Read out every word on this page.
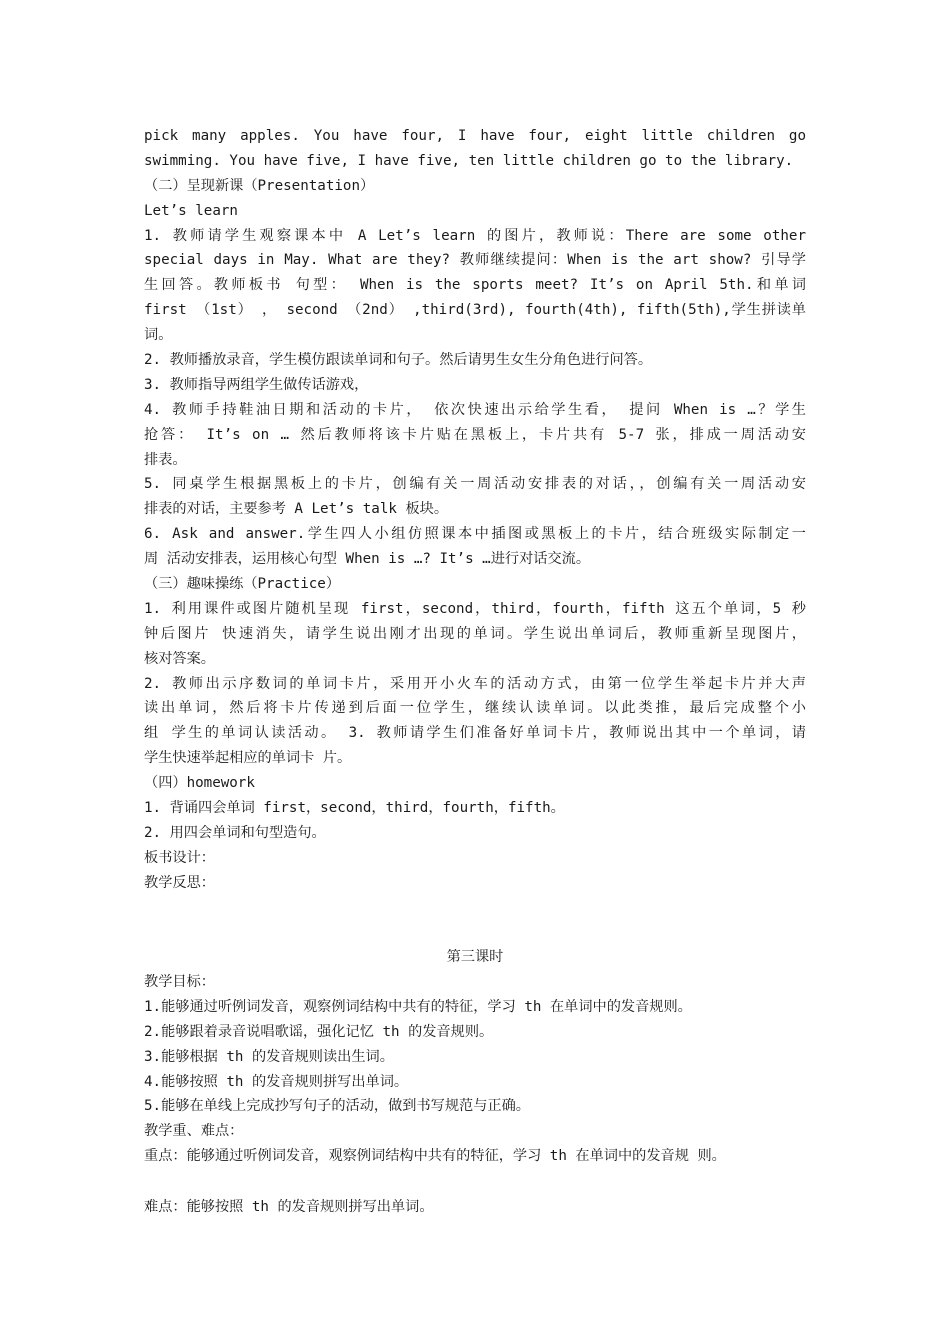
pick many apples. You have four, I have four, eight little children go
swimming. You have five, I have five, ten little children go to the library.
（二）呈现新课（Presentation）
Let’s learn
1. 教师请学生观察课本中 A Let’s learn 的图片，教师说：There are some other
special days in May. What are they? 教师继续提问：When is the art show? 引导学
生回答。教师板书 句型： When is the sports meet? It’s on April 5th.和单词
first （1st） ， second （2nd） ,third(3rd), fourth(4th), fifth(5th),学生拼读单
词。
2. 教师播放录音，学生模仿跟读单词和句子。然后请男生女生分角色进行问答。
3. 教师指导两组学生做传话游戏，
4. 教师手持鞋油日期和活动的卡片， 依次快速出示给学生看， 提问 When is …？学生
抢答： It’s on … 然后教师将该卡片贴在黑板上，卡片共有 5-7 张，排成一周活动安
排表。
5. 同桌学生根据黑板上的卡片，创编有关一周活动安排表的对话，，创编有关一周活动安
排表的对话，主要参考 A Let’s talk 板块。
6. Ask and answer.学生四人小组仿照课本中插图或黑板上的卡片，结合班级实际制定一
周 活动安排表，运用核心句型 When is …? It’s …进行对话交流。
（三）趣味操练（Practice）
1. 利用课件或图片随机呈现 first，second，third，fourth，fifth 这五个单词，5 秒
钟后图片 快速消失，请学生说出刚才出现的单词。学生说出单词后，教师重新呈现图片，
核对答案。
2. 教师出示序数词的单词卡片，采用开小火车的活动方式，由第一位学生举起卡片并大声
读出单词，然后将卡片传递到后面一位学生，继续认读单词。以此类推，最后完成整个小
组 学生的单词认读活动。 3. 教师请学生们准备好单词卡片，教师说出其中一个单词，请
学生快速举起相应的单词卡 片。
（四）homework
1. 背诵四会单词 first，second，third，fourth，fifth。
2. 用四会单词和句型造句。
板书设计：
教学反思：
第三课时
教学目标：
1.能够通过听例词发音，观察例词结构中共有的特征，学习 th 在单词中的发音规则。
2.能够跟着录音说唱歌谣，强化记忆 th 的发音规则。
3.能够根据 th 的发音规则读出生词。
4.能够按照 th 的发音规则拼写出单词。
5.能够在单线上完成抄写句子的活动，做到书写规范与正确。
教学重、难点：
重点：能够通过听例词发音，观察例词结构中共有的特征，学习 th 在单词中的发音规 则。
难点：能够按照 th 的发音规则拼写出单词。
